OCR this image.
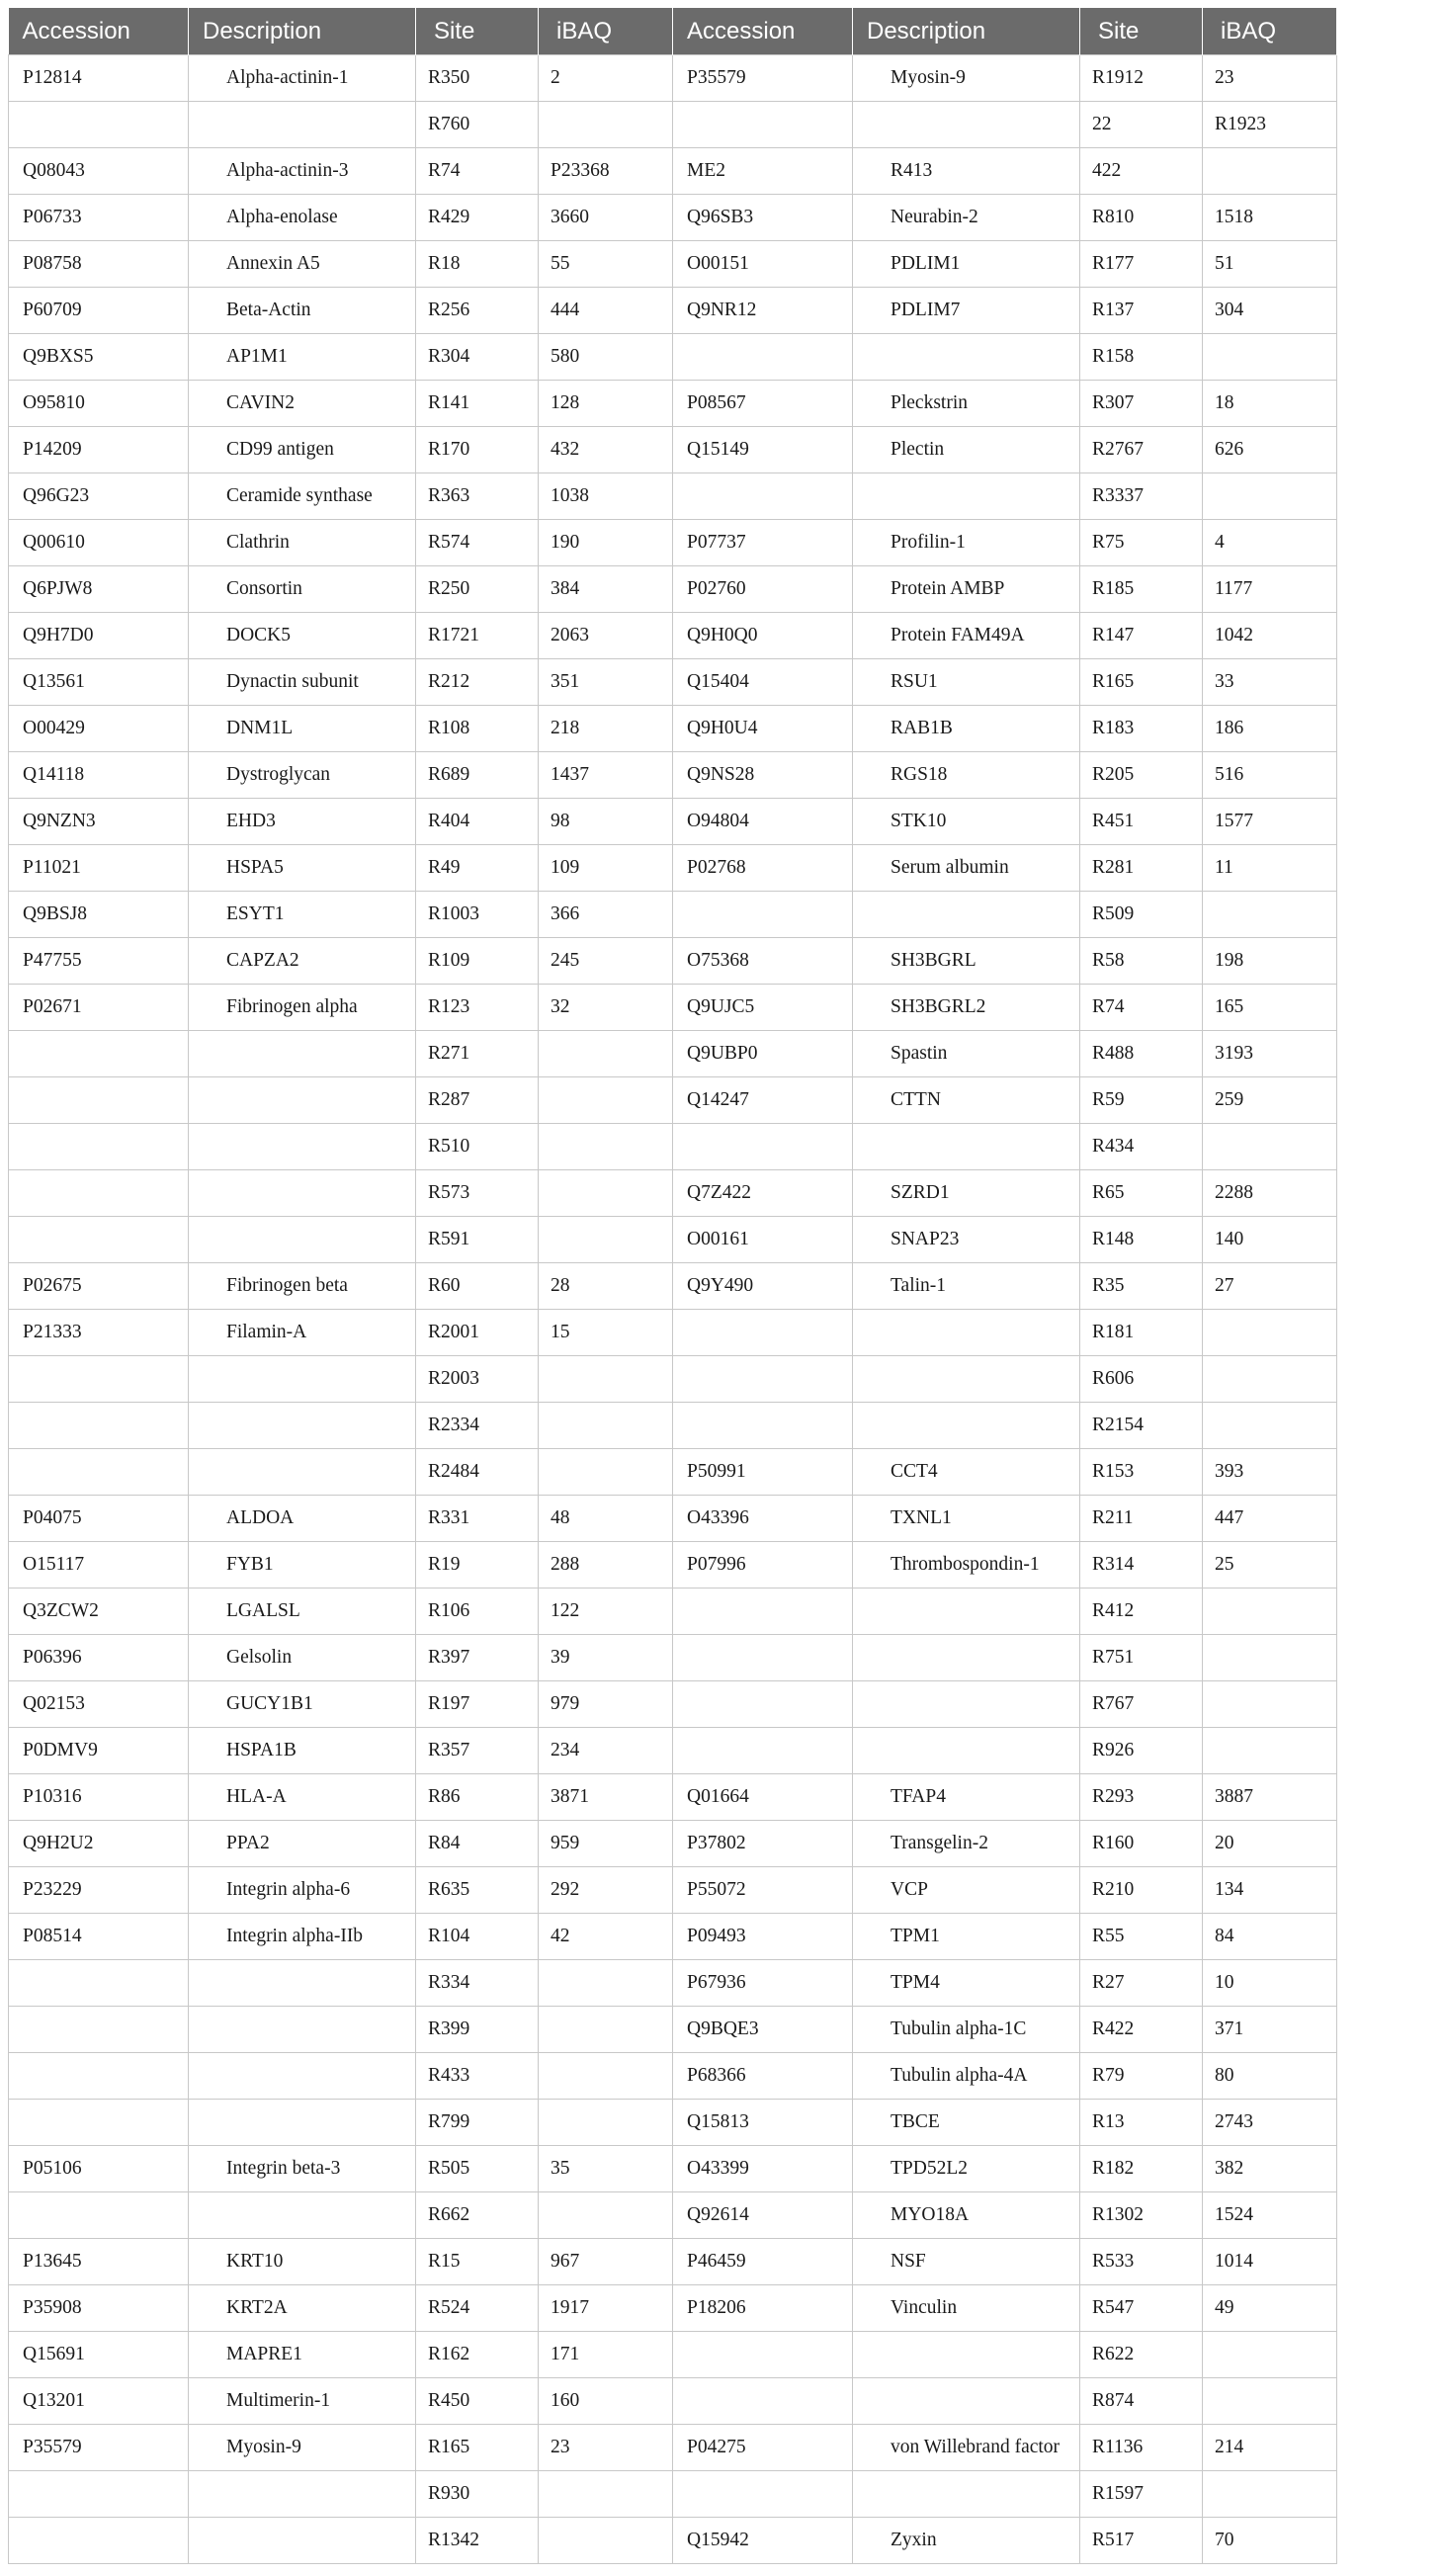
Accession	Description	Site	iBAQ	Accession	Description	Site	iBAQ
P12814	Alpha-actinin-1	R350	2	P35579	Myosin-9	R1912	23
		R760				22	R1923
Q08043	Alpha-actinin-3	R74	P23368	ME2	R413	422	
P06733	Alpha-enolase	R429	3660	Q96SB3	Neurabin-2	R810	1518
P08758	Annexin A5	R18	55	O00151	PDLIM1	R177	51
P60709	Beta-Actin	R256	444	Q9NR12	PDLIM7	R137	304
Q9BXS5	AP1M1	R304	580			R158	
O95810	CAVIN2	R141	128	P08567	Pleckstrin	R307	18
P14209	CD99 antigen	R170	432	Q15149	Plectin	R2767	626
Q96G23	Ceramide synthase	R363	1038			R3337	
Q00610	Clathrin	R574	190	P07737	Profilin-1	R75	4
Q6PJW8	Consortin	R250	384	P02760	Protein AMBP	R185	1177
Q9H7D0	DOCK5	R1721	2063	Q9H0Q0	Protein FAM49A	R147	1042
Q13561	Dynactin subunit	R212	351	Q15404	RSU1	R165	33
O00429	DNM1L	R108	218	Q9H0U4	RAB1B	R183	186
Q14118	Dystroglycan	R689	1437	Q9NS28	RGS18	R205	516
Q9NZN3	EHD3	R404	98	O94804	STK10	R451	1577
P11021	HSPA5	R49	109	P02768	Serum albumin	R281	11
Q9BSJ8	ESYT1	R1003	366			R509	
P47755	CAPZA2	R109	245	O75368	SH3BGRL	R58	198
P02671	Fibrinogen alpha	R123	32	Q9UJC5	SH3BGRL2	R74	165
		R271		Q9UBP0	Spastin	R488	3193
		R287		Q14247	CTTN	R59	259
		R510				R434	
		R573		Q7Z422	SZRD1	R65	2288
		R591		O00161	SNAP23	R148	140
P02675	Fibrinogen beta	R60	28	Q9Y490	Talin-1	R35	27
P21333	Filamin-A	R2001	15			R181	
		R2003				R606	
		R2334				R2154	
		R2484		P50991	CCT4	R153	393
P04075	ALDOA	R331	48	O43396	TXNL1	R211	447
O15117	FYB1	R19	288	P07996	Thrombospondin-1	R314	25
Q3ZCW2	LGALSL	R106	122			R412	
P06396	Gelsolin	R397	39			R751	
Q02153	GUCY1B1	R197	979			R767	
P0DMV9	HSPA1B	R357	234			R926	
P10316	HLA-A	R86	3871	Q01664	TFAP4	R293	3887
Q9H2U2	PPA2	R84	959	P37802	Transgelin-2	R160	20
P23229	Integrin alpha-6	R635	292	P55072	VCP	R210	134
P08514	Integrin alpha-IIb	R104	42	P09493	TPM1	R55	84
		R334		P67936	TPM4	R27	10
		R399		Q9BQE3	Tubulin alpha-1C	R422	371
		R433		P68366	Tubulin alpha-4A	R79	80
		R799		Q15813	TBCE	R13	2743
P05106	Integrin beta-3	R505	35	O43399	TPD52L2	R182	382
		R662		Q92614	MYO18A	R1302	1524
P13645	KRT10	R15	967	P46459	NSF	R533	1014
P35908	KRT2A	R524	1917	P18206	Vinculin	R547	49
Q15691	MAPRE1	R162	171			R622	
Q13201	Multimerin-1	R450	160			R874	
P35579	Myosin-9	R165	23	P04275	von Willebrand factor	R1136	214
		R930				R1597	
		R1342		Q15942	Zyxin	R517	70
